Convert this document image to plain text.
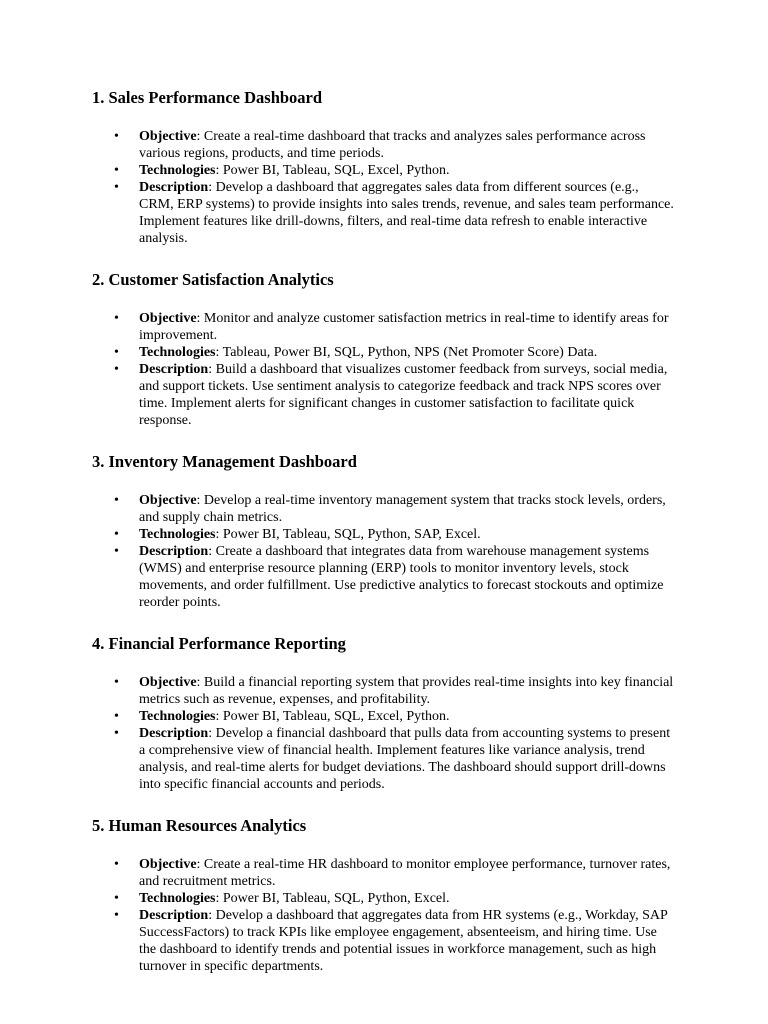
1. Sales Performance Dashboard
• Objective: Create a real-time dashboard that tracks and analyzes sales performance across various regions, products, and time periods.
• Technologies: Power BI, Tableau, SQL, Excel, Python.
• Description: Develop a dashboard that aggregates sales data from different sources (e.g., CRM, ERP systems) to provide insights into sales trends, revenue, and sales team performance. Implement features like drill-downs, filters, and real-time data refresh to enable interactive analysis.
2. Customer Satisfaction Analytics
• Objective: Monitor and analyze customer satisfaction metrics in real-time to identify areas for improvement.
• Technologies: Tableau, Power BI, SQL, Python, NPS (Net Promoter Score) Data.
• Description: Build a dashboard that visualizes customer feedback from surveys, social media, and support tickets. Use sentiment analysis to categorize feedback and track NPS scores over time. Implement alerts for significant changes in customer satisfaction to facilitate quick response.
3. Inventory Management Dashboard
• Objective: Develop a real-time inventory management system that tracks stock levels, orders, and supply chain metrics.
• Technologies: Power BI, Tableau, SQL, Python, SAP, Excel.
• Description: Create a dashboard that integrates data from warehouse management systems (WMS) and enterprise resource planning (ERP) tools to monitor inventory levels, stock movements, and order fulfillment. Use predictive analytics to forecast stockouts and optimize reorder points.
4. Financial Performance Reporting
• Objective: Build a financial reporting system that provides real-time insights into key financial metrics such as revenue, expenses, and profitability.
• Technologies: Power BI, Tableau, SQL, Excel, Python.
• Description: Develop a financial dashboard that pulls data from accounting systems to present a comprehensive view of financial health. Implement features like variance analysis, trend analysis, and real-time alerts for budget deviations. The dashboard should support drill-downs into specific financial accounts and periods.
5. Human Resources Analytics
• Objective: Create a real-time HR dashboard to monitor employee performance, turnover rates, and recruitment metrics.
• Technologies: Power BI, Tableau, SQL, Python, Excel.
• Description: Develop a dashboard that aggregates data from HR systems (e.g., Workday, SAP SuccessFactors) to track KPIs like employee engagement, absenteeism, and hiring time. Use the dashboard to identify trends and potential issues in workforce management, such as high turnover in specific departments.
